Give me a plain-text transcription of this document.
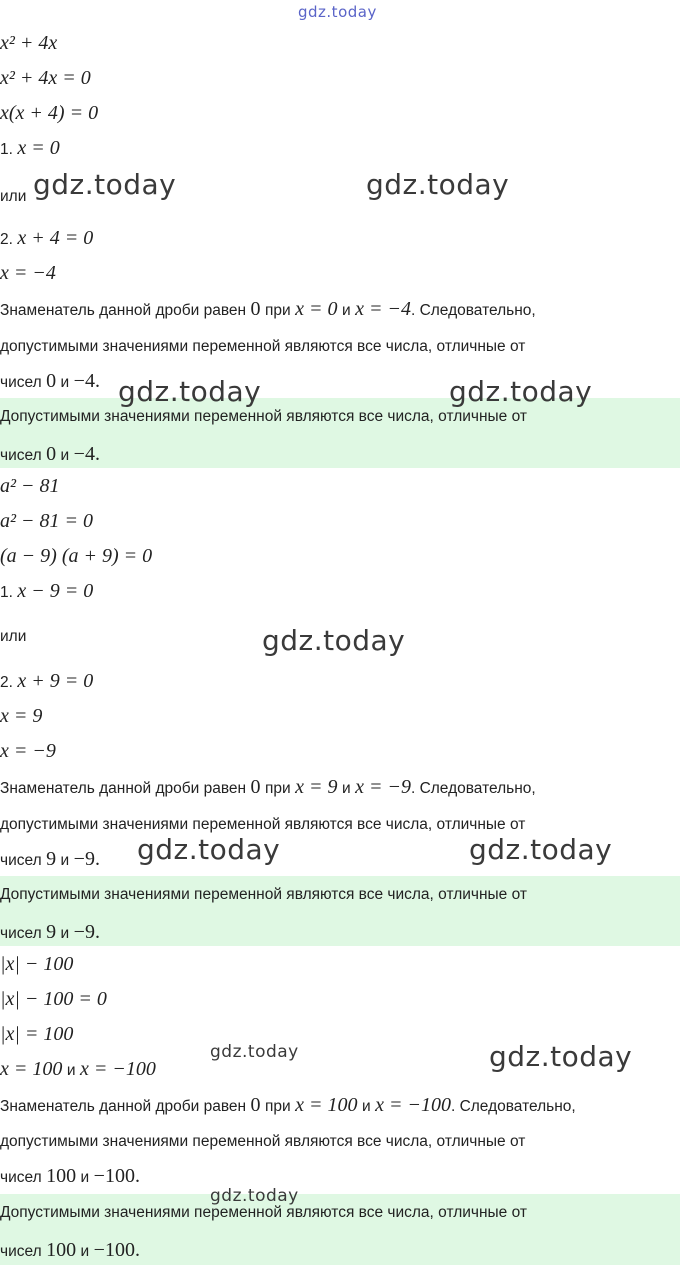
gdz.today
x² + 4x
x² + 4x = 0
x(x + 4) = 0
1. x = 0
или gdz.today	gdz.today
2. x + 4 = 0
x = −4
Знаменатель данной дроби равен 0 при x = 0 и x = −4. Следовательно,
допустимыми значениями переменной являются все числа, отличные от
чисел 0 и −4.
Допустимыми значениями переменной являются все числа, отличные от
чисел 0 и −4.
gdz.today	gdz.today
a² − 81
a² − 81 = 0
(a − 9) (a + 9) = 0
1. x − 9 = 0
или	gdz.today
2. x + 9 = 0
x = 9
x = −9
Знаменатель данной дроби равен 0 при x = 9 и x = −9. Следовательно,
допустимыми значениями переменной являются все числа, отличные от
чисел 9 и −9. gdz.today	gdz.today
Допустимыми значениями переменной являются все числа, отличные от
чисел 9 и −9.
|x| − 100
|x| − 100 = 0
|x| = 100
x = 100 и x = −100
gdz.today	gdz.today
Знаменатель данной дроби равен 0 при x = 100 и x = −100. Следовательно,
допустимыми значениями переменной являются все числа, отличные от
чисел 100 и −100.
Допустимыми значениями переменной являются все числа, отличные от
чисел 100 и −100.
gdz.today
